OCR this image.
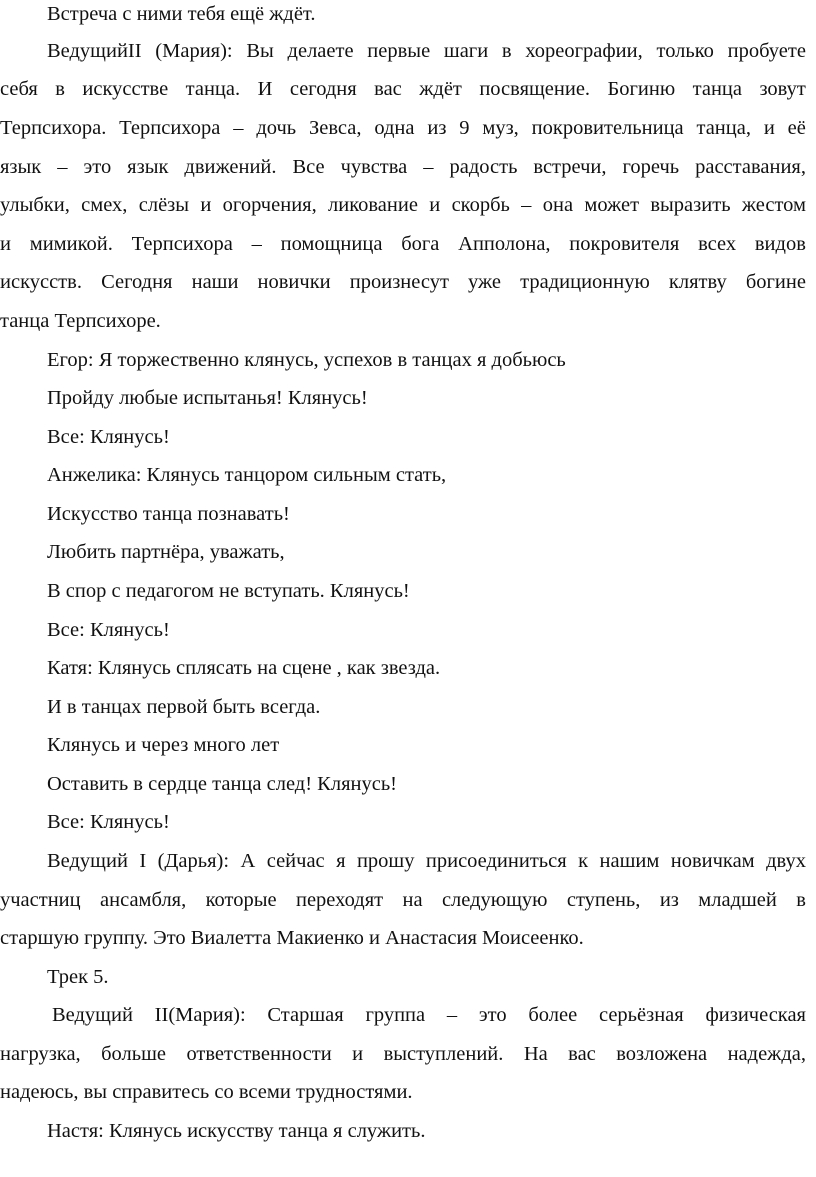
Встреча с ними тебя ещё ждёт.
ВедущийII (Мария): Вы делаете первые шаги в хореографии, только пробуете
себя в искусстве танца. И сегодня вас ждёт посвящение. Богиню танца зовут
Терпсихора. Терпсихора – дочь Зевса, одна из 9 муз, покровительница танца, и её
язык – это язык движений. Все чувства – радость встречи, горечь расставания,
улыбки, смех, слёзы и огорчения, ликование и скорбь – она может выразить жестом
и мимикой. Терпсихора – помощница бога Апполона, покровителя всех видов
искусств. Сегодня наши новички произнесут уже традиционную клятву богине
танца Терпсихоре.
Егор: Я торжественно клянусь, успехов в танцах я добьюсь
Пройду любые испытанья! Клянусь!
Все: Клянусь!
Анжелика: Клянусь танцором сильным стать,
Искусство танца познавать!
Любить партнёра, уважать,
В спор с педагогом не вступать. Клянусь!
Все: Клянусь!
Катя: Клянусь сплясать на сцене , как звезда.
И в танцах первой быть всегда.
Клянусь и через много лет
Оставить в сердце танца след! Клянусь!
Все: Клянусь!
Ведущий I (Дарья): А сейчас я прошу присоединиться к нашим новичкам двух
участниц ансамбля, которые переходят на следующую ступень, из младшей в
старшую группу. Это Виалетта Макиенко и Анастасия Моисеенко.
Трек 5.
Ведущий II(Мария): Старшая группа – это более серьёзная физическая
нагрузка, больше ответственности и выступлений. На вас возложена надежда,
надеюсь, вы справитесь со всеми трудностями.
Настя: Клянусь искусству танца я служить.
